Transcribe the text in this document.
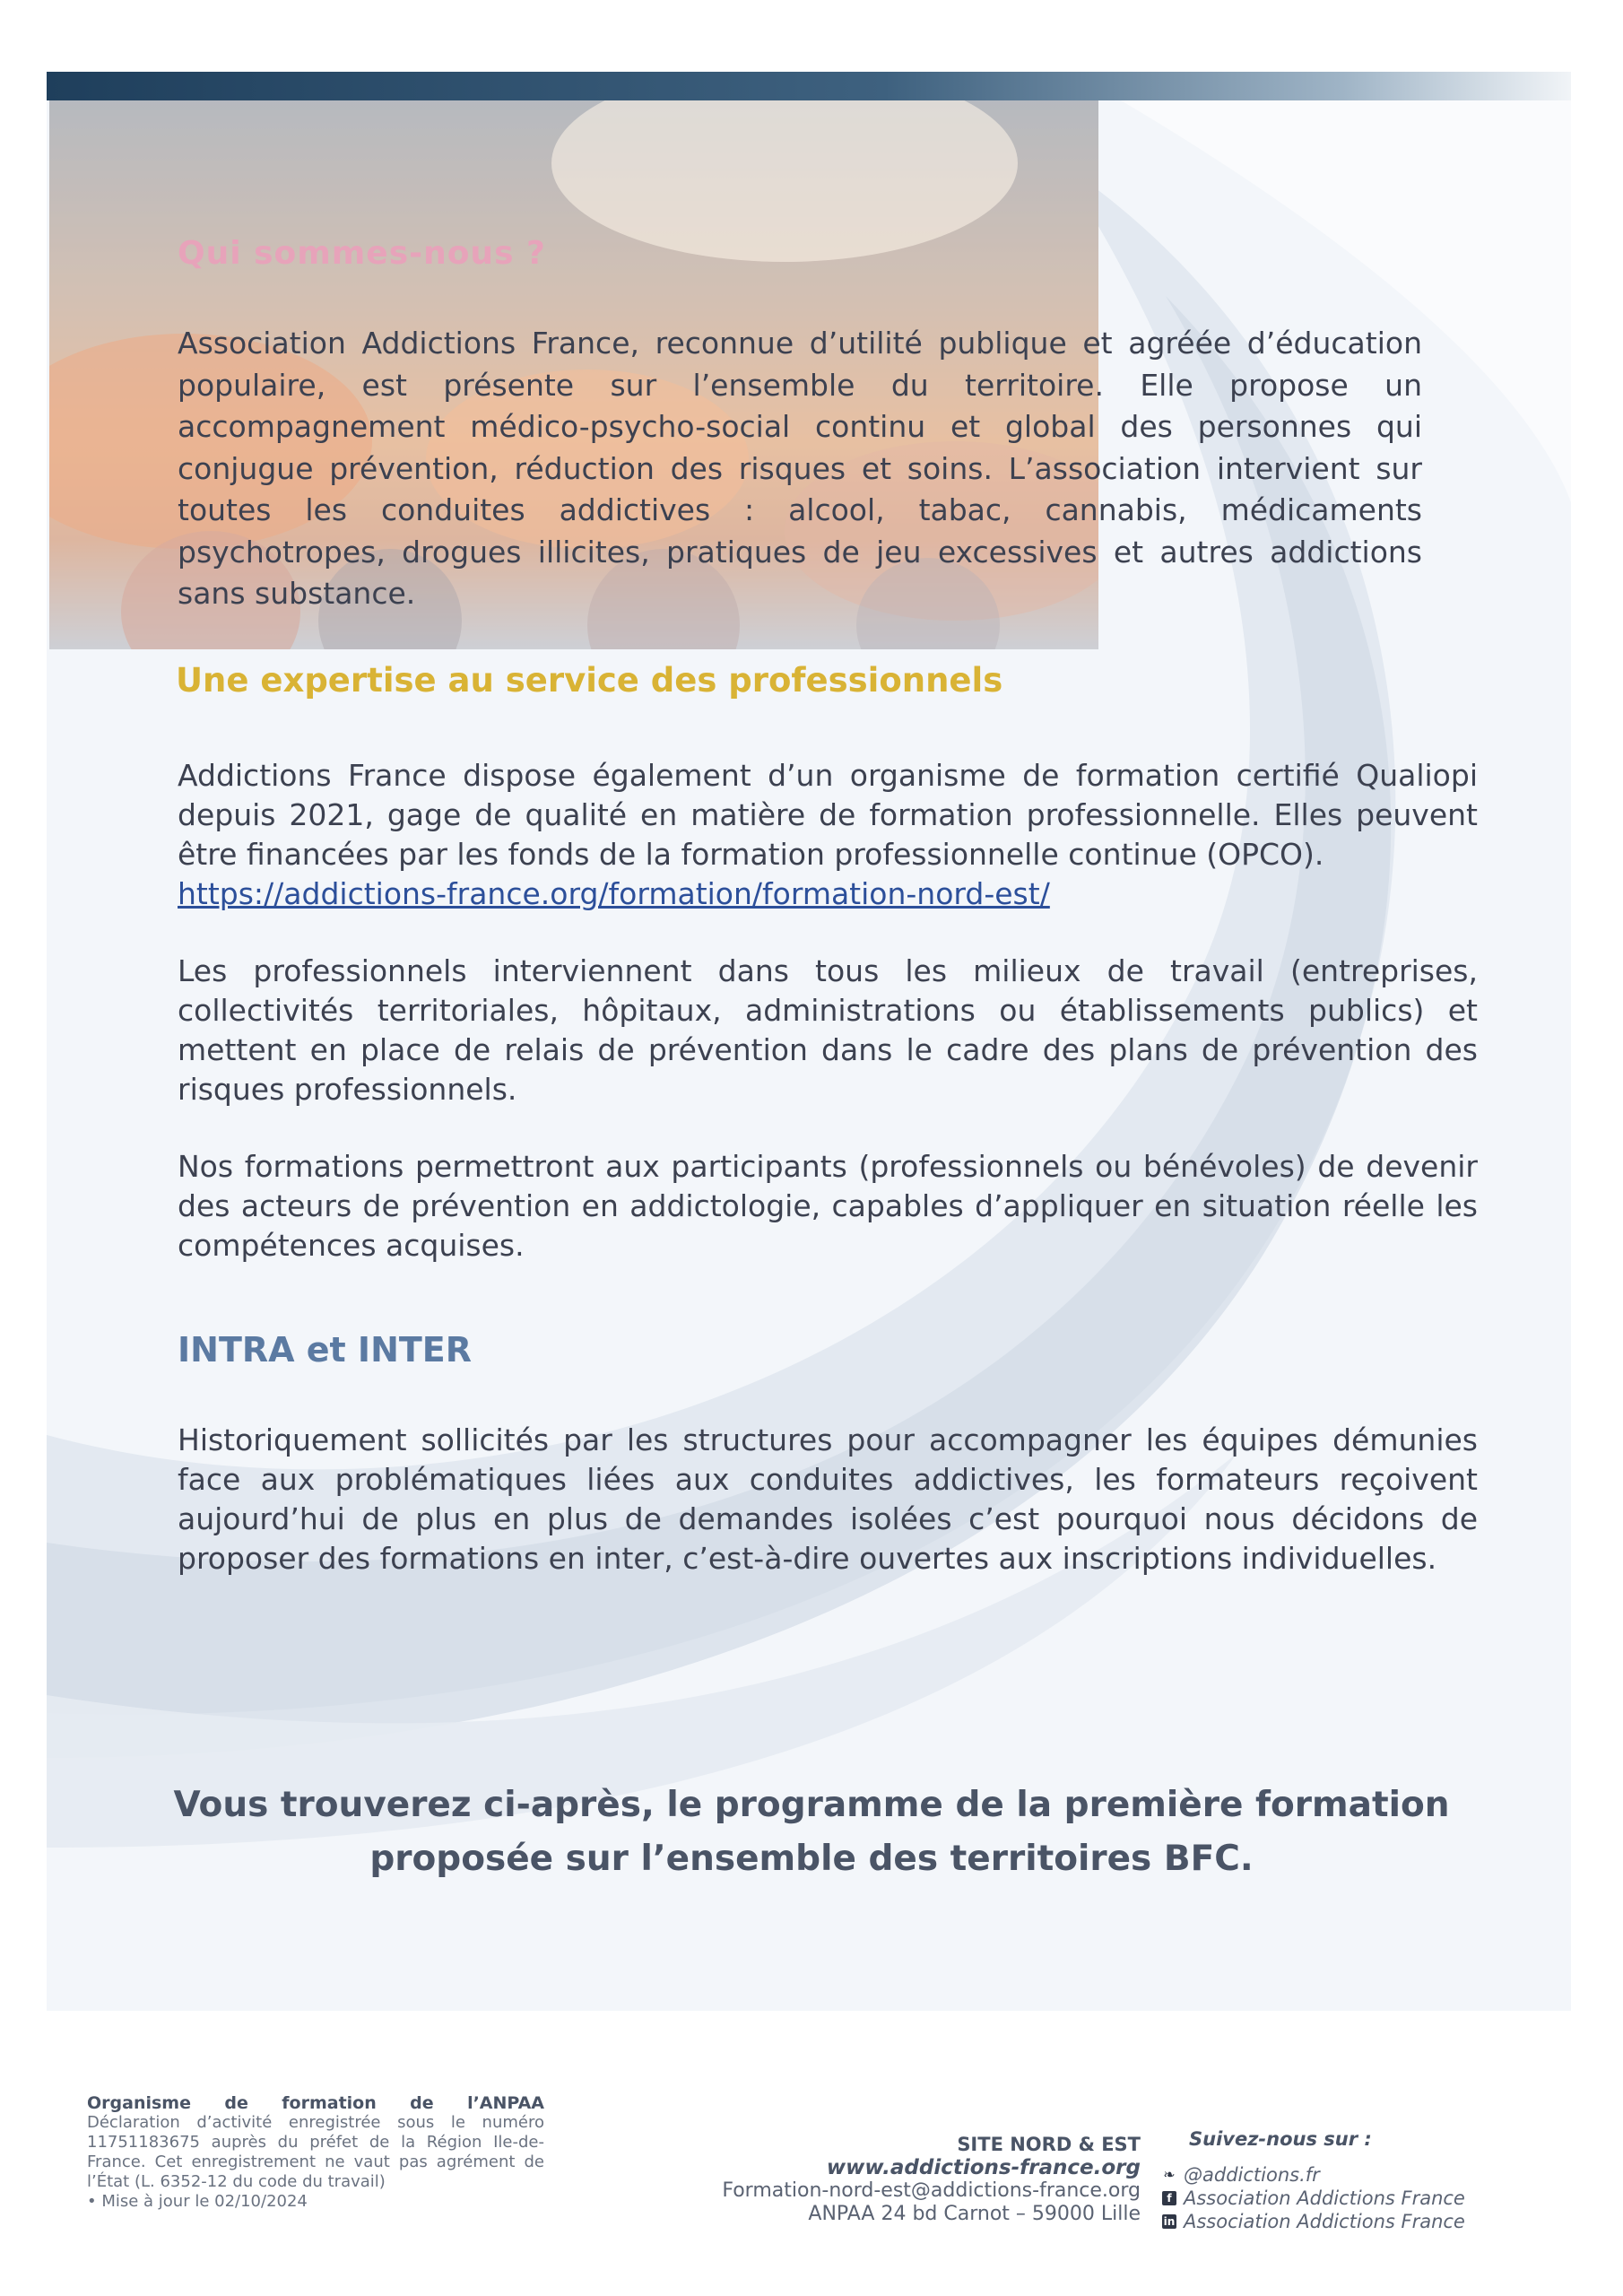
Qui sommes-nous ?

Association Addictions France, reconnue d’utilité publique et agréée d’éducation populaire, est présente sur l’ensemble du territoire. Elle propose un accompagnement médico-psycho-social continu et global des personnes qui conjugue prévention, réduction des risques et soins. L’association intervient sur toutes les conduites addictives : alcool, tabac, cannabis, médicaments psychotropes, drogues illicites, pratiques de jeu excessives et autres addictions sans substance.

Une expertise au service des professionnels

Addictions France dispose également d’un organisme de formation certifié Qualiopi depuis 2021, gage de qualité en matière de formation professionnelle. Elles peuvent être financées par les fonds de la formation professionnelle continue (OPCO).

https://addictions-france.org/formation/formation-nord-est/

Les professionnels interviennent dans tous les milieux de travail (entreprises, collectivités territoriales, hôpitaux, administrations ou établissements publics) et mettent en place de relais de prévention dans le cadre des plans de prévention des risques professionnels.

Nos formations permettront aux participants (professionnels ou bénévoles) de devenir des acteurs de prévention en addictologie, capables d’appliquer en situation réelle les compétences acquises.

INTRA et INTER

Historiquement sollicités par les structures pour accompagner les équipes démunies face aux problématiques liées aux conduites addictives, les formateurs reçoivent aujourd’hui de plus en plus de demandes isolées c’est pourquoi nous décidons de proposer des formations en inter, c’est-à-dire ouvertes aux inscriptions individuelles.

Vous trouverez ci-après, le programme de la première formation
proposée sur l’ensemble des territoires BFC.
Organisme de formation de l’ANPAA
Déclaration d’activité enregistrée sous le numéro 11751183675 auprès du préfet de la Région Ile-de-France. Cet enregistrement ne vaut pas agrément de l’État (L. 6352-12 du code du travail)
• Mise à jour le 02/10/2024
SITE NORD & EST
www.addictions-france.org
Formation-nord-est@addictions-france.org
ANPAA 24 bd Carnot – 59000 Lille
Suivez-nous sur :
❧ @addictions.fr
f Association Addictions France
in Association Addictions France
